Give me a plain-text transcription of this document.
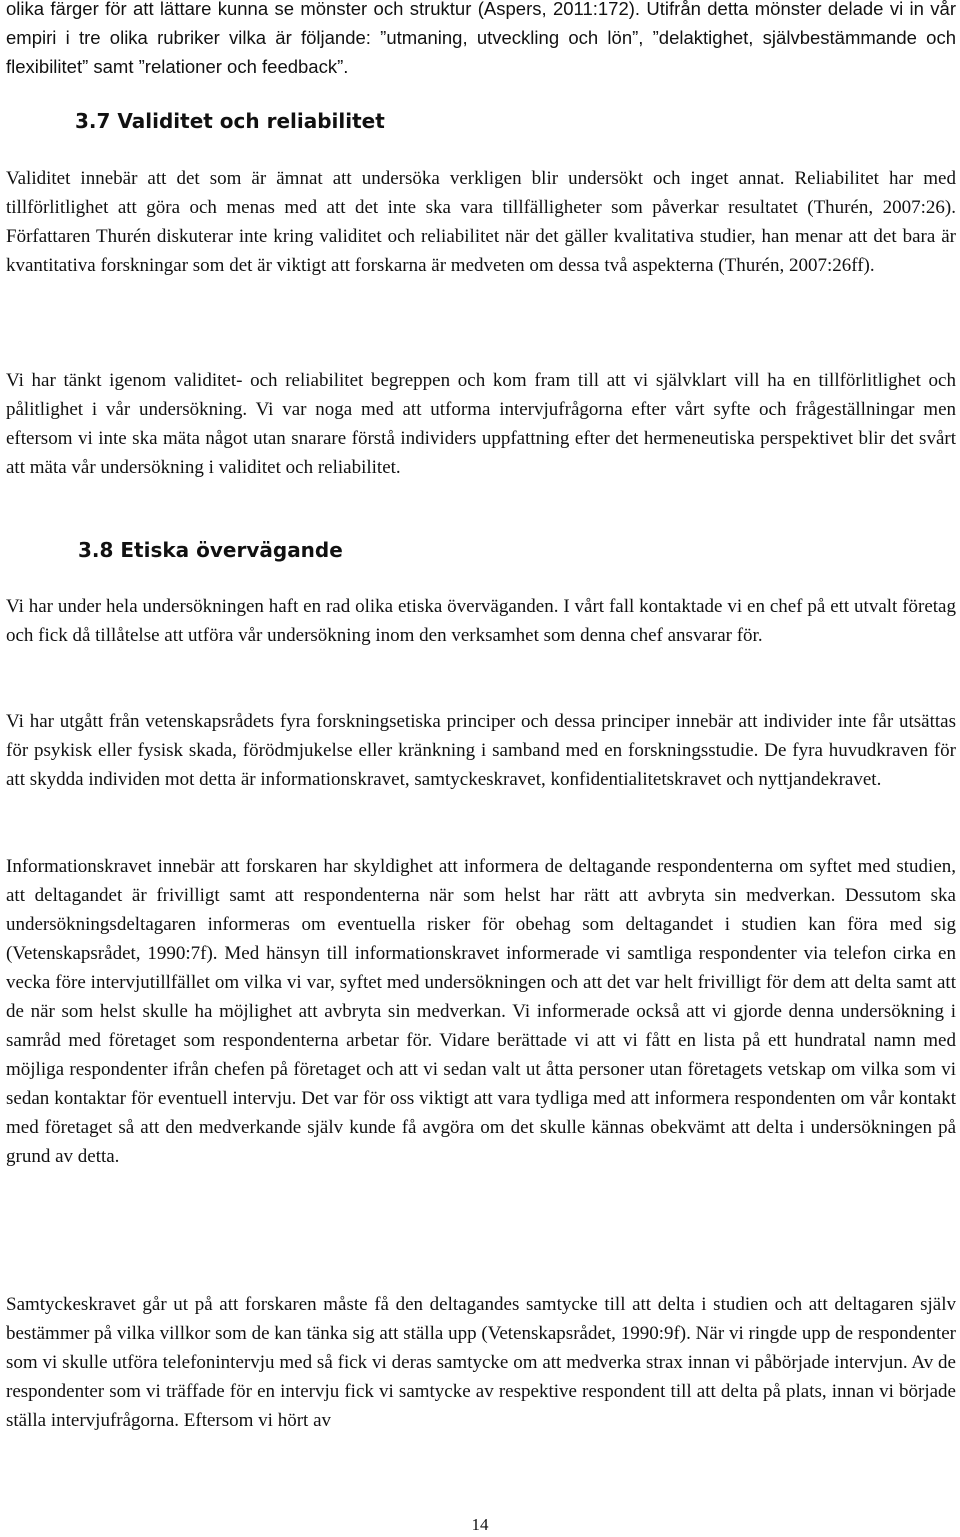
olika färger för att lättare kunna se mönster och struktur (Aspers, 2011:172). Utifrån detta mönster delade vi in vår empiri i tre olika rubriker vilka är följande: ”utmaning, utveckling och lön”, ”delaktighet, självbestämmande och flexibilitet” samt ”relationer och feedback”.

3.7 Validitet och reliabilitet

Validitet innebär att det som är ämnat att undersöka verkligen blir undersökt och inget annat. Reliabilitet har med tillförlitlighet att göra och menas med att det inte ska vara tillfälligheter som påverkar resultatet (Thurén, 2007:26). Författaren Thurén diskuterar inte kring validitet och reliabilitet när det gäller kvalitativa studier, han menar att det bara är kvantitativa forskningar som det är viktigt att forskarna är medveten om dessa två aspekterna (Thurén, 2007:26ff).

Vi har tänkt igenom validitet- och reliabilitet begreppen och kom fram till att vi självklart vill ha en tillförlitlighet och pålitlighet i vår undersökning. Vi var noga med att utforma intervjufrågorna efter vårt syfte och frågeställningar men eftersom vi inte ska mäta något utan snarare förstå individers uppfattning efter det hermeneutiska perspektivet blir det svårt att mäta vår undersökning i validitet och reliabilitet.

3.8 Etiska övervägande

Vi har under hela undersökningen haft en rad olika etiska överväganden. I vårt fall kontaktade vi en chef på ett utvalt företag och fick då tillåtelse att utföra vår undersökning inom den verksamhet som denna chef ansvarar för.

Vi har utgått från vetenskapsrådets fyra forskningsetiska principer och dessa principer innebär att individer inte får utsättas för psykisk eller fysisk skada, förödmjukelse eller kränkning i samband med en forskningsstudie. De fyra huvudkraven för att skydda individen mot detta är informationskravet, samtyckeskravet, konfidentialitetskravet och nyttjandekravet.

Informationskravet innebär att forskaren har skyldighet att informera de deltagande respondenterna om syftet med studien, att deltagandet är frivilligt samt att respondenterna när som helst har rätt att avbryta sin medverkan. Dessutom ska undersökningsdeltagaren informeras om eventuella risker för obehag som deltagandet i studien kan föra med sig (Vetenskapsrådet, 1990:7f). Med hänsyn till informationskravet informerade vi samtliga respondenter via telefon cirka en vecka före intervjutillfället om vilka vi var, syftet med undersökningen och att det var helt frivilligt för dem att delta samt att de när som helst skulle ha möjlighet att avbryta sin medverkan. Vi informerade också att vi gjorde denna undersökning i samråd med företaget som respondenterna arbetar för. Vidare berättade vi att vi fått en lista på ett hundratal namn med möjliga respondenter ifrån chefen på företaget och att vi sedan valt ut åtta personer utan företagets vetskap om vilka som vi sedan kontaktar för eventuell intervju. Det var för oss viktigt att vara tydliga med att informera respondenten om vår kontakt med företaget så att den medverkande själv kunde få avgöra om det skulle kännas obekvämt att delta i undersökningen på grund av detta.

Samtyckeskravet går ut på att forskaren måste få den deltagandes samtycke till att delta i studien och att deltagaren själv bestämmer på vilka villkor som de kan tänka sig att ställa upp (Vetenskapsrådet, 1990:9f). När vi ringde upp de respondenter som vi skulle utföra telefonintervju med så fick vi deras samtycke om att medverka strax innan vi påbörjade intervjun. Av de respondenter som vi träffade för en intervju fick vi samtycke av respektive respondent till att delta på plats, innan vi började ställa intervjufrågorna. Eftersom vi hört av

14
